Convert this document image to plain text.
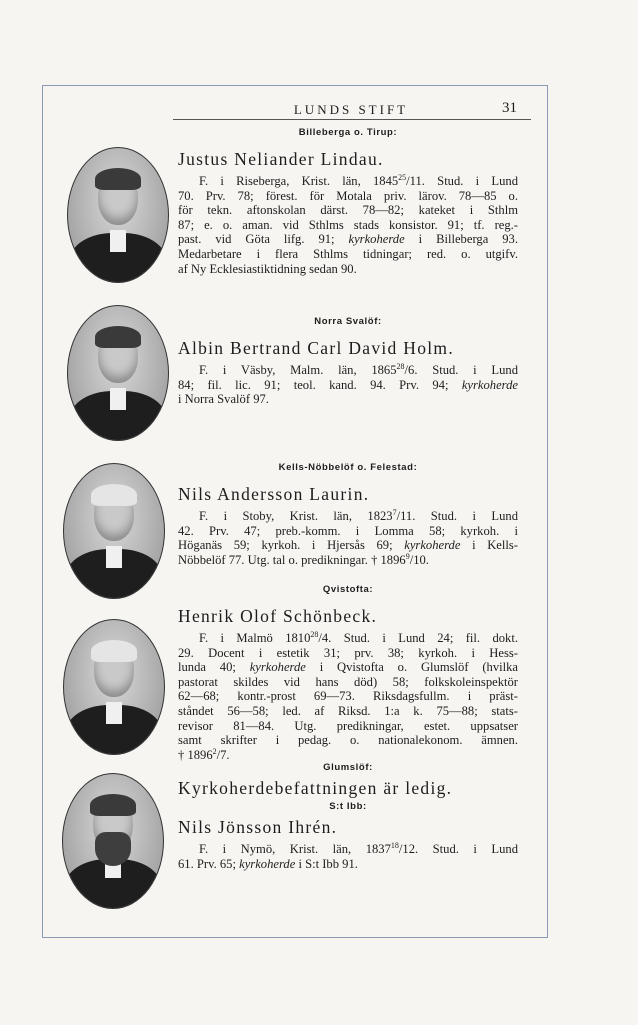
LUNDS STIFT	31
Billeberga o. Tirup:
Justus Neliander Lindau.
F. i Riseberga, Krist. län, 1845$^{25}$/11. Stud. i Lund
70. Prv. 78; förest. för Motala priv. lärov. 78—85 o.
för tekn. aftonskolan därst. 78—82; kateket i Sthlm
87; e. o. aman. vid Sthlms stads konsistor. 91; tf. reg.-
past. vid Göta lifg. 91; kyrkoherde i Billeberga 93.
Medarbetare i flera Sthlms tidningar; red. o. utgifv.
af Ny Ecklesiastiktidning sedan 90.
Norra Svalöf:
Albin Bertrand Carl David Holm.
F. i Väsby, Malm. län, 1865$^{28}$/6. Stud. i Lund
84; fil. lic. 91; teol. kand. 94. Prv. 94; kyrkoherde
i Norra Svalöf 97.
Kells-Nöbbelöf o. Felestad:
Nils Andersson Laurin.
F. i Stoby, Krist. län, 1823$^7$/11. Stud. i Lund
42. Prv. 47; preb.-komm. i Lomma 58; kyrkoh. i
Höganäs 59; kyrkoh. i Hjersås 69; kyrkoherde i Kells-
Nöbbelöf 77. Utg. tal o. predikningar. † 1896$^9$/10.
Qvistofta:
Henrik Olof Schönbeck.
F. i Malmö 1810$^{28}$/4. Stud. i Lund 24; fil. dokt.
29. Docent i estetik 31; prv. 38; kyrkoh. i Hess-
lunda 40; kyrkoherde i Qvistofta o. Glumslöf (hvilka
pastorat skildes vid hans död) 58; folkskoleinspektör
62—68; kontr.-prost 69—73. Riksdagsfullm. i präst-
ståndet 56—58; led. af Riksd. 1:a k. 75—88; stats-
revisor 81—84. Utg. predikningar, estet. uppsatser
samt skrifter i pedag. o. nationalekonom. ämnen.
† 1896$^2$/7.
Glumslöf:
Kyrkoherdebefattningen är ledig.
S:t Ibb:
Nils Jönsson Ihrén.
F. i Nymö, Krist. län, 1837$^{18}$/12. Stud. i Lund
61. Prv. 65; kyrkoherde i S:t Ibb 91.
